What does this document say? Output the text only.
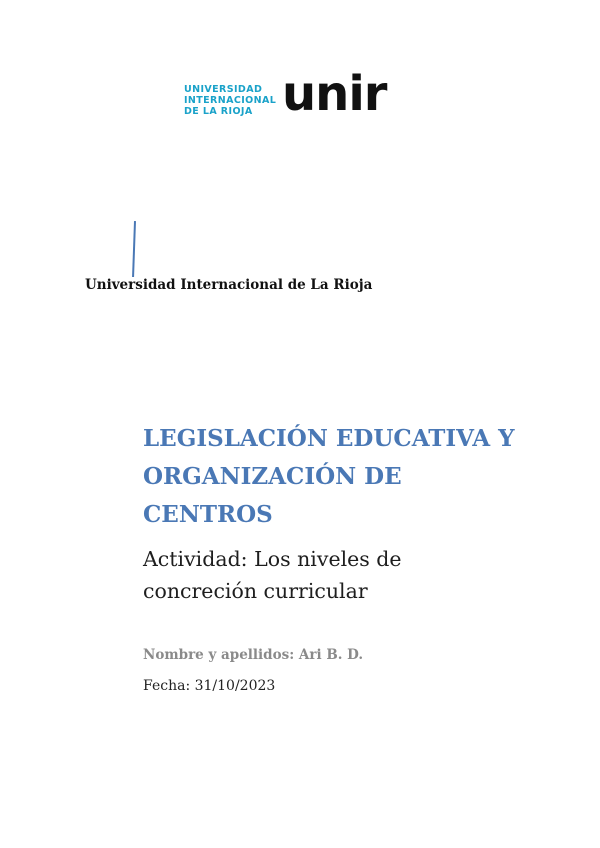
UNIVERSIDAD
INTERNACIONAL
DE LA RIOJA unir
Universidad Internacional de La Rioja
LEGISLACIÓN EDUCATIVA Y
ORGANIZACIÓN DE
CENTROS
Actividad: Los niveles de
concreción curricular
Nombre y apellidos: Ari B. D.
Fecha: 31/10/2023
